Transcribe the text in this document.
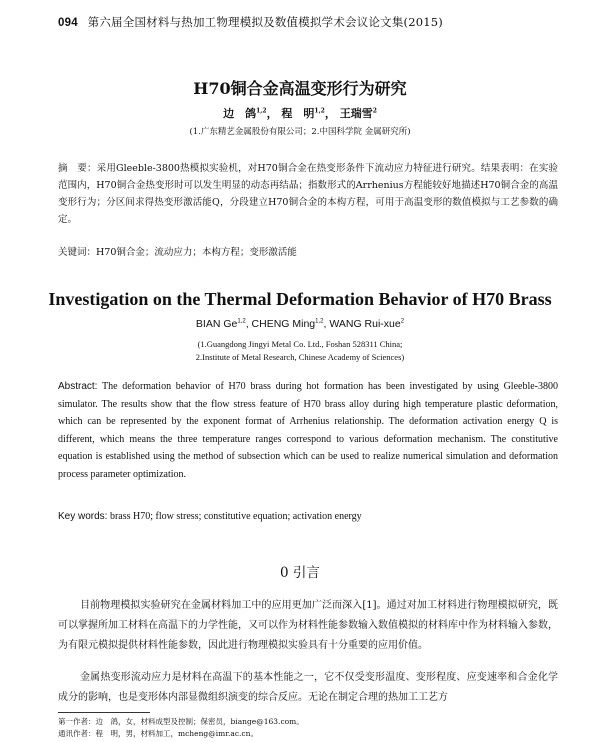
094 第六届全国材料与热加工物理模拟及数值模拟学术会议论文集(2015)
H70铜合金高温变形行为研究
边　鸽$^{1,2}$， 程　明$^{1,2}$， 王瑞雪$^2$
(1.广东精艺金属股份有限公司；2.中国科学院 金属研究所)
摘　要：采用Gleeble-3800热模拟实验机，对H70铜合金在热变形条件下流动应力特征进行研究。结果表明：在实验范围内，H70铜合金热变形时可以发生明显的动态再结晶；指数形式的Arrhenius方程能较好地描述H70铜合金的高温变形行为；分区间求得热变形激活能Q，分段建立H70铜合金的本构方程，可用于高温变形的数值模拟与工艺参数的确定。
关键词：H70铜合金；流动应力；本构方程；变形激活能
Investigation on the Thermal Deformation Behavior of H70 Brass
BIAN Ge$^{1,2}$, CHENG Ming$^{1,2}$, WANG Rui-xue$^2$
(1.Guangdong Jingyi Metal Co. Ltd., Foshan 528311 China;
2.Institute of Metal Research, Chinese Academy of Sciences)
Abstract: The deformation behavior of H70 brass during hot formation has been investigated by using Gleeble-3800 simulator. The results show that the flow stress feature of H70 brass alloy during high temperature plastic deformation, which can be represented by the exponent format of Arrhenius relationship. The deformation activation energy Q is different, which means the three temperature ranges correspond to various deformation mechanism. The constitutive equation is established using the method of subsection which can be used to realize numerical simulation and deformation process parameter optimization.
Key words: brass H70; flow stress; constitutive equation; activation energy
0 引言
目前物理模拟实验研究在金属材料加工中的应用更加广泛而深入[1]。通过对加工材料进行物理模拟研究，既可以掌握所加工材料在高温下的力学性能，又可以作为材料性能参数输入数值模拟的材料库中作为材料输入参数，为有限元模拟提供材料性能参数，因此进行物理模拟实验具有十分重要的应用价值。
金属热变形流动应力是材料在高温下的基本性能之一，它不仅受变形温度、变形程度、应变速率和合金化学成分的影响，也是变形体内部显微组织演变的综合反应。无论在制定合理的热加工工艺方
第一作者：边　鸽，女，材料成型及控制；保密员，biange@163.com。
通讯作者：程　明，男，材料加工，mcheng@imr.ac.cn。
